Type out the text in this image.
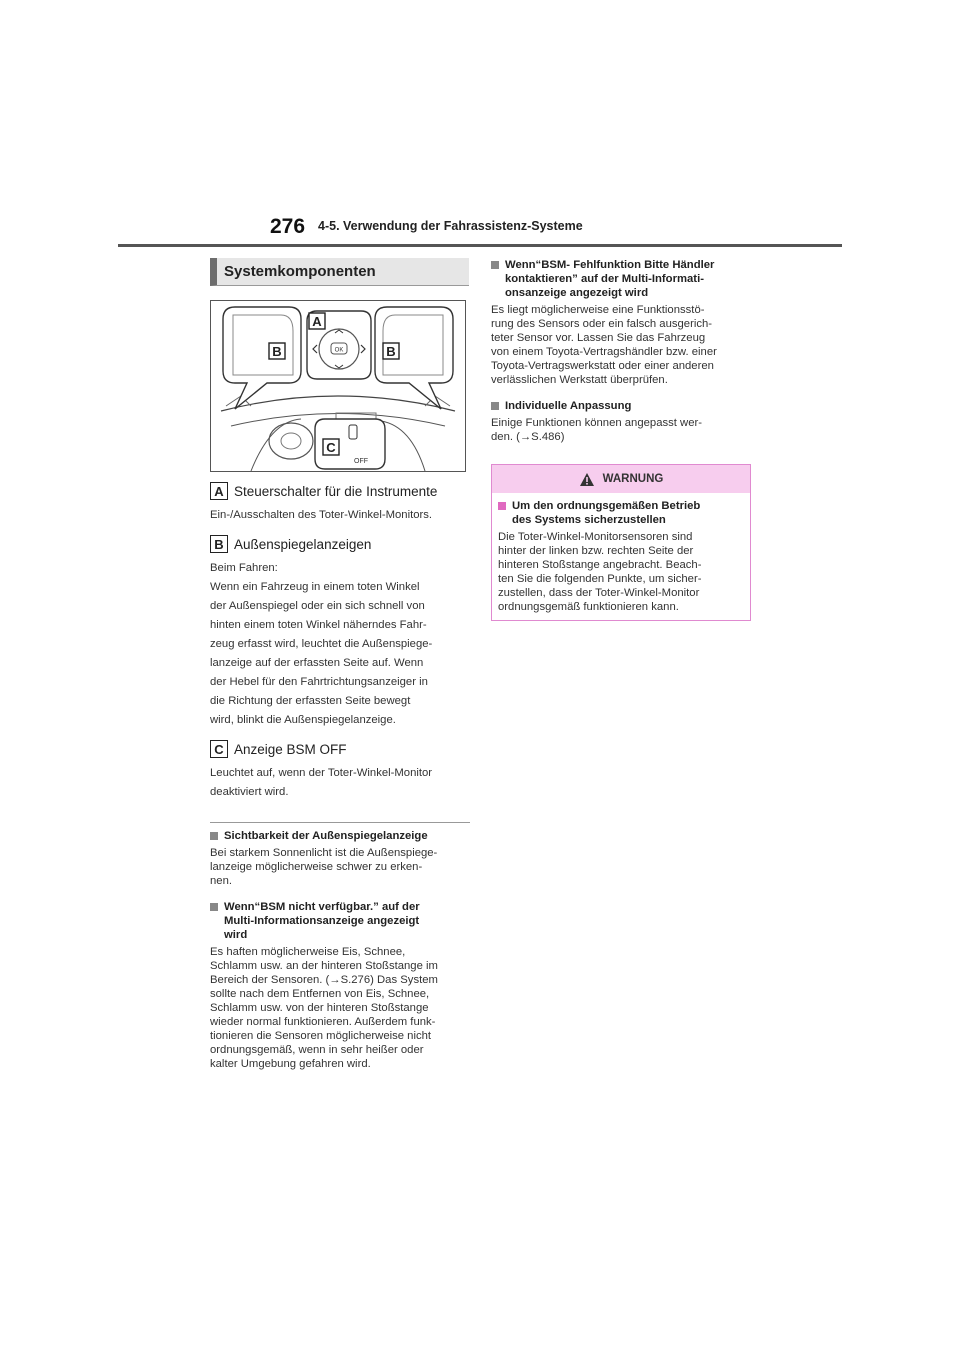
276 4-5. Verwendung der Fahrassistenz-Systeme
Systemkomponenten
OK
OFF
A
B	B
C
A Steuerschalter für die Instrumente
Ein-/Ausschalten des Toter-Winkel-Monitors.
B Außenspiegelanzeigen
Beim Fahren:
Wenn ein Fahrzeug in einem toten Winkel
der Außenspiegel oder ein sich schnell von
hinten einem toten Winkel näherndes Fahr-
zeug erfasst wird, leuchtet die Außenspiege-
lanzeige auf der erfassten Seite auf. Wenn
der Hebel für den Fahrtrichtungsanzeiger in
die Richtung der erfassten Seite bewegt
wird, blinkt die Außenspiegelanzeige.
C Anzeige BSM OFF
Leuchtet auf, wenn der Toter-Winkel-Monitor
deaktiviert wird.
Sichtbarkeit der Außenspiegelanzeige
Bei starkem Sonnenlicht ist die Außenspiege-
lanzeige möglicherweise schwer zu erken-
nen.
Wenn“BSM nicht verfügbar.” auf der
Multi-Informationsanzeige angezeigt
wird
Es haften möglicherweise Eis, Schnee,
Schlamm usw. an der hinteren Stoßstange im
Bereich der Sensoren. (→S.276) Das System
sollte nach dem Entfernen von Eis, Schnee,
Schlamm usw. von der hinteren Stoßstange
wieder normal funktionieren. Außerdem funk-
tionieren die Sensoren möglicherweise nicht
ordnungsgemäß, wenn in sehr heißer oder
kalter Umgebung gefahren wird.
Wenn“BSM- Fehlfunktion Bitte Händler
kontaktieren” auf der Multi-Informati-
onsanzeige angezeigt wird
Es liegt möglicherweise eine Funktionsstö-
rung des Sensors oder ein falsch ausgerich-
teter Sensor vor. Lassen Sie das Fahrzeug
von einem Toyota-Vertragshändler bzw. einer
Toyota-Vertragswerkstatt oder einer anderen
verlässlichen Werkstatt überprüfen.
Individuelle Anpassung
Einige Funktionen können angepasst wer-
den. (→S.486)
WARNUNG
Um den ordnungsgemäßen Betrieb
des Systems sicherzustellen
Die Toter-Winkel-Monitorsensoren sind
hinter der linken bzw. rechten Seite der
hinteren Stoßstange angebracht. Beach-
ten Sie die folgenden Punkte, um sicher-
zustellen, dass der Toter-Winkel-Monitor
ordnungsgemäß funktionieren kann.
